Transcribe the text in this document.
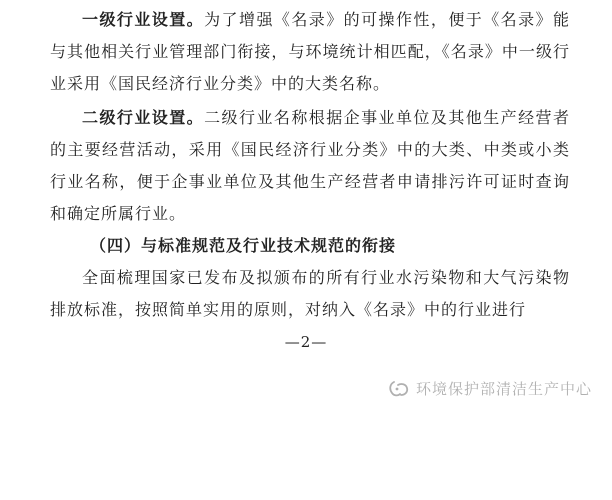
一级行业设置。为了增强《名录》的可操作性，便于《名录》能与其他相关行业管理部门衔接，与环境统计相匹配，《名录》中一级行业采用《国民经济行业分类》中的大类名称。
二级行业设置。二级行业名称根据企事业单位及其他生产经营者的主要经营活动，采用《国民经济行业分类》中的大类、中类或小类行业名称，便于企事业单位及其他生产经营者申请排污许可证时查询和确定所属行业。
（四）与标准规范及行业技术规范的衔接
全面梳理国家已发布及拟颁布的所有行业水污染物和大气污染物排放标准，按照简单实用的原则，对纳入《名录》中的行业进行
—2—
环境保护部清洁生产中心
